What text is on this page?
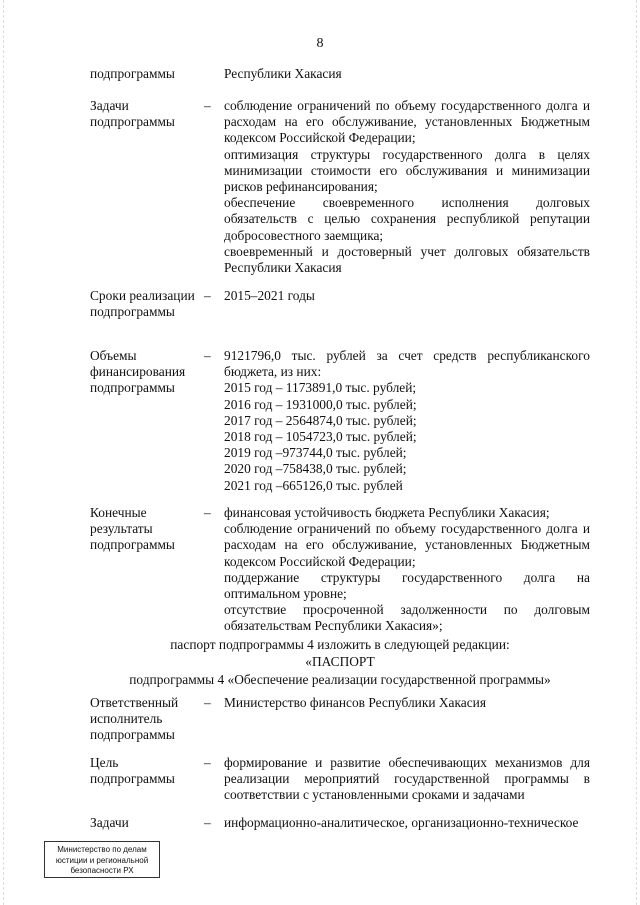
8
подпрограммы	Республики Хакасия

Задачи подпрограммы
– соблюдение ограничений по объему государственного долга и расходам на его обслуживание, установленных Бюджетным кодексом Российской Федерации;

оптимизация структуры государственного долга в целях минимизации стоимости его обслуживания и минимизации рисков рефинансирования;

обеспечение своевременного исполнения долговых обязательств с целью сохранения республикой репутации добросовестного заемщика;

своевременный и достоверный учет долговых обязательств Республики Хакасия

Сроки реализации подпрограммы
– 2015–2021 годы

Объемы финансирования подпрограммы
– 9121796,0 тыс. рублей за счет средств республиканского бюджета, из них:

2015 год – 1173891,0 тыс. рублей;

2016 год – 1931000,0 тыс. рублей;

2017 год – 2564874,0 тыс. рублей;

2018 год – 1054723,0 тыс. рублей;

2019 год –973744,0 тыс. рублей;

2020 год –758438,0 тыс. рублей;

2021 год –665126,0 тыс. рублей

Конечные результаты подпрограммы
– финансовая устойчивость бюджета Республики Хакасия;

соблюдение ограничений по объему государственного долга и расходам на его обслуживание, установленных Бюджетным кодексом Российской Федерации;

поддержание структуры государственного долга на оптимальном уровне;

отсутствие просроченной задолженности по долговым обязательствам Республики Хакасия»;

паспорт подпрограммы 4 изложить в следующей редакции:
«ПАСПОРТ
подпрограммы 4 «Обеспечение реализации государственной программы»
Ответственный исполнитель подпрограммы
– Министерство финансов Республики Хакасия

Цель подпрограммы
– формирование и развитие обеспечивающих механизмов для реализации мероприятий государственной программы в соответствии с установленными сроками и задачами

Задачи	– информационно-аналитическое, организационно-техническое

Министерство по делам
юстиции и региональной
безопасности РХ
